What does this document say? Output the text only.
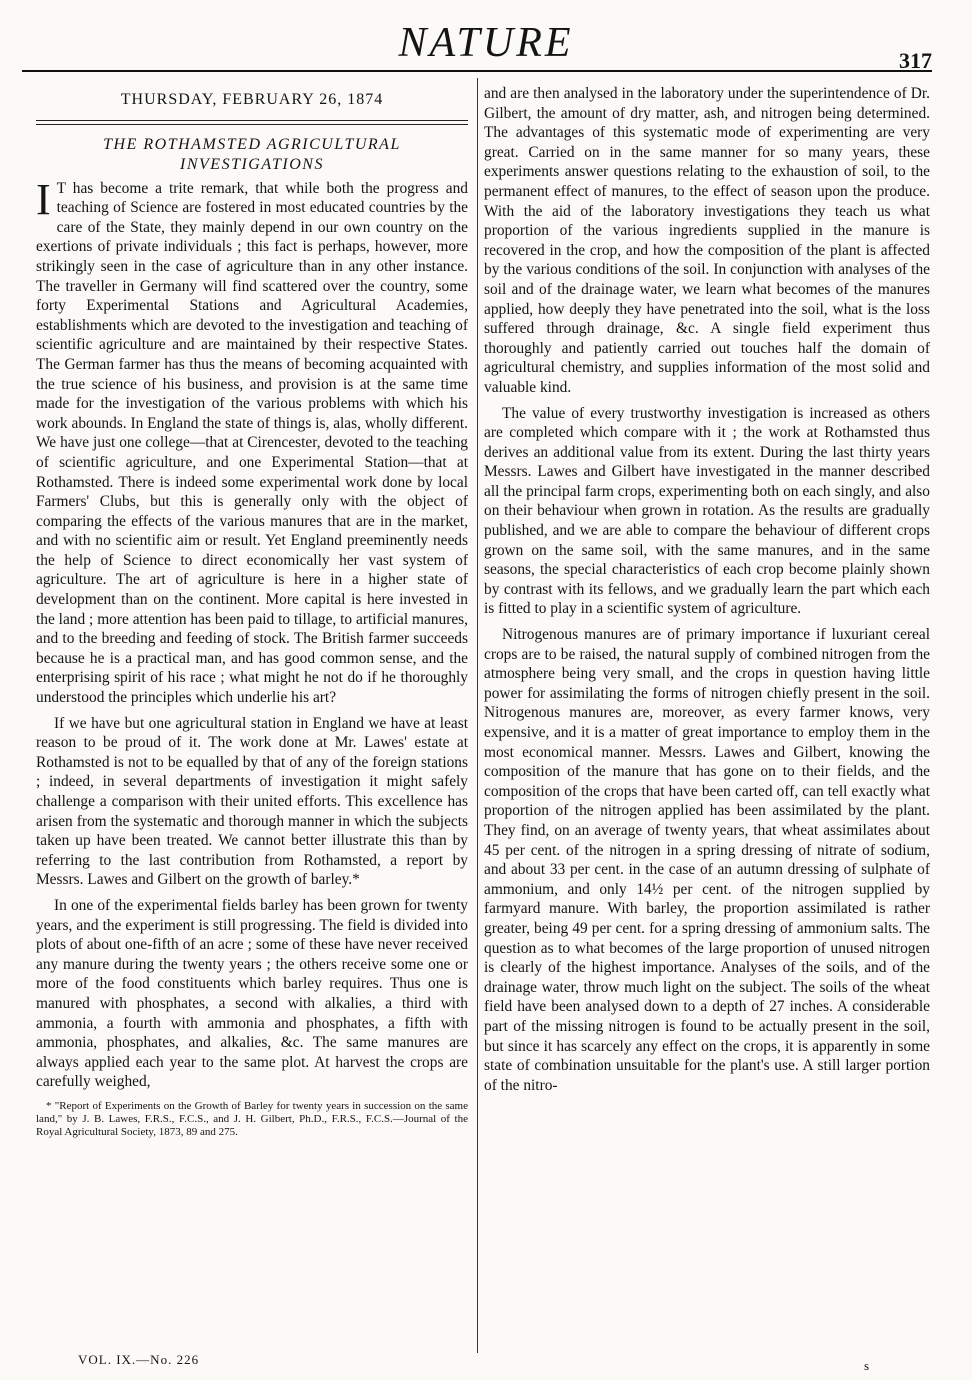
NATURE	317
THURSDAY, FEBRUARY 26, 1874
THE ROTHAMSTED AGRICULTURAL INVESTIGATIONS

I T has become a trite remark, that while both the progress and teaching of Science are fostered in most educated countries by the care of the State, they mainly depend in our own country on the exertions of private individuals ; this fact is perhaps, however, more strikingly seen in the case of agriculture than in any other instance. The traveller in Germany will find scattered over the country, some forty Experimental Stations and Agricultural Academies, establishments which are devoted to the investigation and teaching of scientific agriculture and are maintained by their respective States. The German farmer has thus the means of becoming acquainted with the true science of his business, and provision is at the same time made for the investigation of the various problems with which his work abounds. In England the state of things is, alas, wholly different. We have just one college—that at Cirencester, devoted to the teaching of scientific agriculture, and one Experimental Station—that at Rothamsted. There is indeed some experimental work done by local Farmers' Clubs, but this is generally only with the object of comparing the effects of the various manures that are in the market, and with no scientific aim or result. Yet England preeminently needs the help of Science to direct economically her vast system of agriculture. The art of agriculture is here in a higher state of development than on the continent. More capital is here invested in the land ; more attention has been paid to tillage, to artificial manures, and to the breeding and feeding of stock. The British farmer succeeds because he is a practical man, and has good common sense, and the enterprising spirit of his race ; what might he not do if he thoroughly understood the principles which underlie his art?

If we have but one agricultural station in England we have at least reason to be proud of it. The work done at Mr. Lawes' estate at Rothamsted is not to be equalled by that of any of the foreign stations ; indeed, in several departments of investigation it might safely challenge a comparison with their united efforts. This excellence has arisen from the systematic and thorough manner in which the subjects taken up have been treated. We cannot better illustrate this than by referring to the last contribution from Rothamsted, a report by Messrs. Lawes and Gilbert on the growth of barley.*

In one of the experimental fields barley has been grown for twenty years, and the experiment is still progressing. The field is divided into plots of about one-fifth of an acre ; some of these have never received any manure during the twenty years ; the others receive some one or more of the food constituents which barley requires. Thus one is manured with phosphates, a second with alkalies, a third with ammonia, a fourth with ammonia and phosphates, a fifth with ammonia, phosphates, and alkalies, &c. The same manures are always applied each year to the same plot. At harvest the crops are carefully weighed,

* "Report of Experiments on the Growth of Barley for twenty years in succession on the same land," by J. B. Lawes, F.R.S., F.C.S., and J. H. Gilbert, Ph.D., F.R.S., F.C.S.—Journal of the Royal Agricultural Society, 1873, 89 and 275.

and are then analysed in the laboratory under the superintendence of Dr. Gilbert, the amount of dry matter, ash, and nitrogen being determined. The advantages of this systematic mode of experimenting are very great. Carried on in the same manner for so many years, these experiments answer questions relating to the exhaustion of soil, to the permanent effect of manures, to the effect of season upon the produce. With the aid of the laboratory investigations they teach us what proportion of the various ingredients supplied in the manure is recovered in the crop, and how the composition of the plant is affected by the various conditions of the soil. In conjunction with analyses of the soil and of the drainage water, we learn what becomes of the manures applied, how deeply they have penetrated into the soil, what is the loss suffered through drainage, &c. A single field experiment thus thoroughly and patiently carried out touches half the domain of agricultural chemistry, and supplies information of the most solid and valuable kind.

The value of every trustworthy investigation is increased as others are completed which compare with it ; the work at Rothamsted thus derives an additional value from its extent. During the last thirty years Messrs. Lawes and Gilbert have investigated in the manner described all the principal farm crops, experimenting both on each singly, and also on their behaviour when grown in rotation. As the results are gradually published, and we are able to compare the behaviour of different crops grown on the same soil, with the same manures, and in the same seasons, the special characteristics of each crop become plainly shown by contrast with its fellows, and we gradually learn the part which each is fitted to play in a scientific system of agriculture.

Nitrogenous manures are of primary importance if luxuriant cereal crops are to be raised, the natural supply of combined nitrogen from the atmosphere being very small, and the crops in question having little power for assimilating the forms of nitrogen chiefly present in the soil. Nitrogenous manures are, moreover, as every farmer knows, very expensive, and it is a matter of great importance to employ them in the most economical manner. Messrs. Lawes and Gilbert, knowing the composition of the manure that has gone on to their fields, and the composition of the crops that have been carted off, can tell exactly what proportion of the nitrogen applied has been assimilated by the plant. They find, on an average of twenty years, that wheat assimilates about 45 per cent. of the nitrogen in a spring dressing of nitrate of sodium, and about 33 per cent. in the case of an autumn dressing of sulphate of ammonium, and only 14½ per cent. of the nitrogen supplied by farmyard manure. With barley, the proportion assimilated is rather greater, being 49 per cent. for a spring dressing of ammonium salts. The question as to what becomes of the large proportion of unused nitrogen is clearly of the highest importance. Analyses of the soils, and of the drainage water, throw much light on the subject. The soils of the wheat field have been analysed down to a depth of 27 inches. A considerable part of the missing nitrogen is found to be actually present in the soil, but since it has scarcely any effect on the crops, it is apparently in some state of combination unsuitable for the plant's use. A still larger portion of the nitro-

VOL. IX.—No. 226	s
